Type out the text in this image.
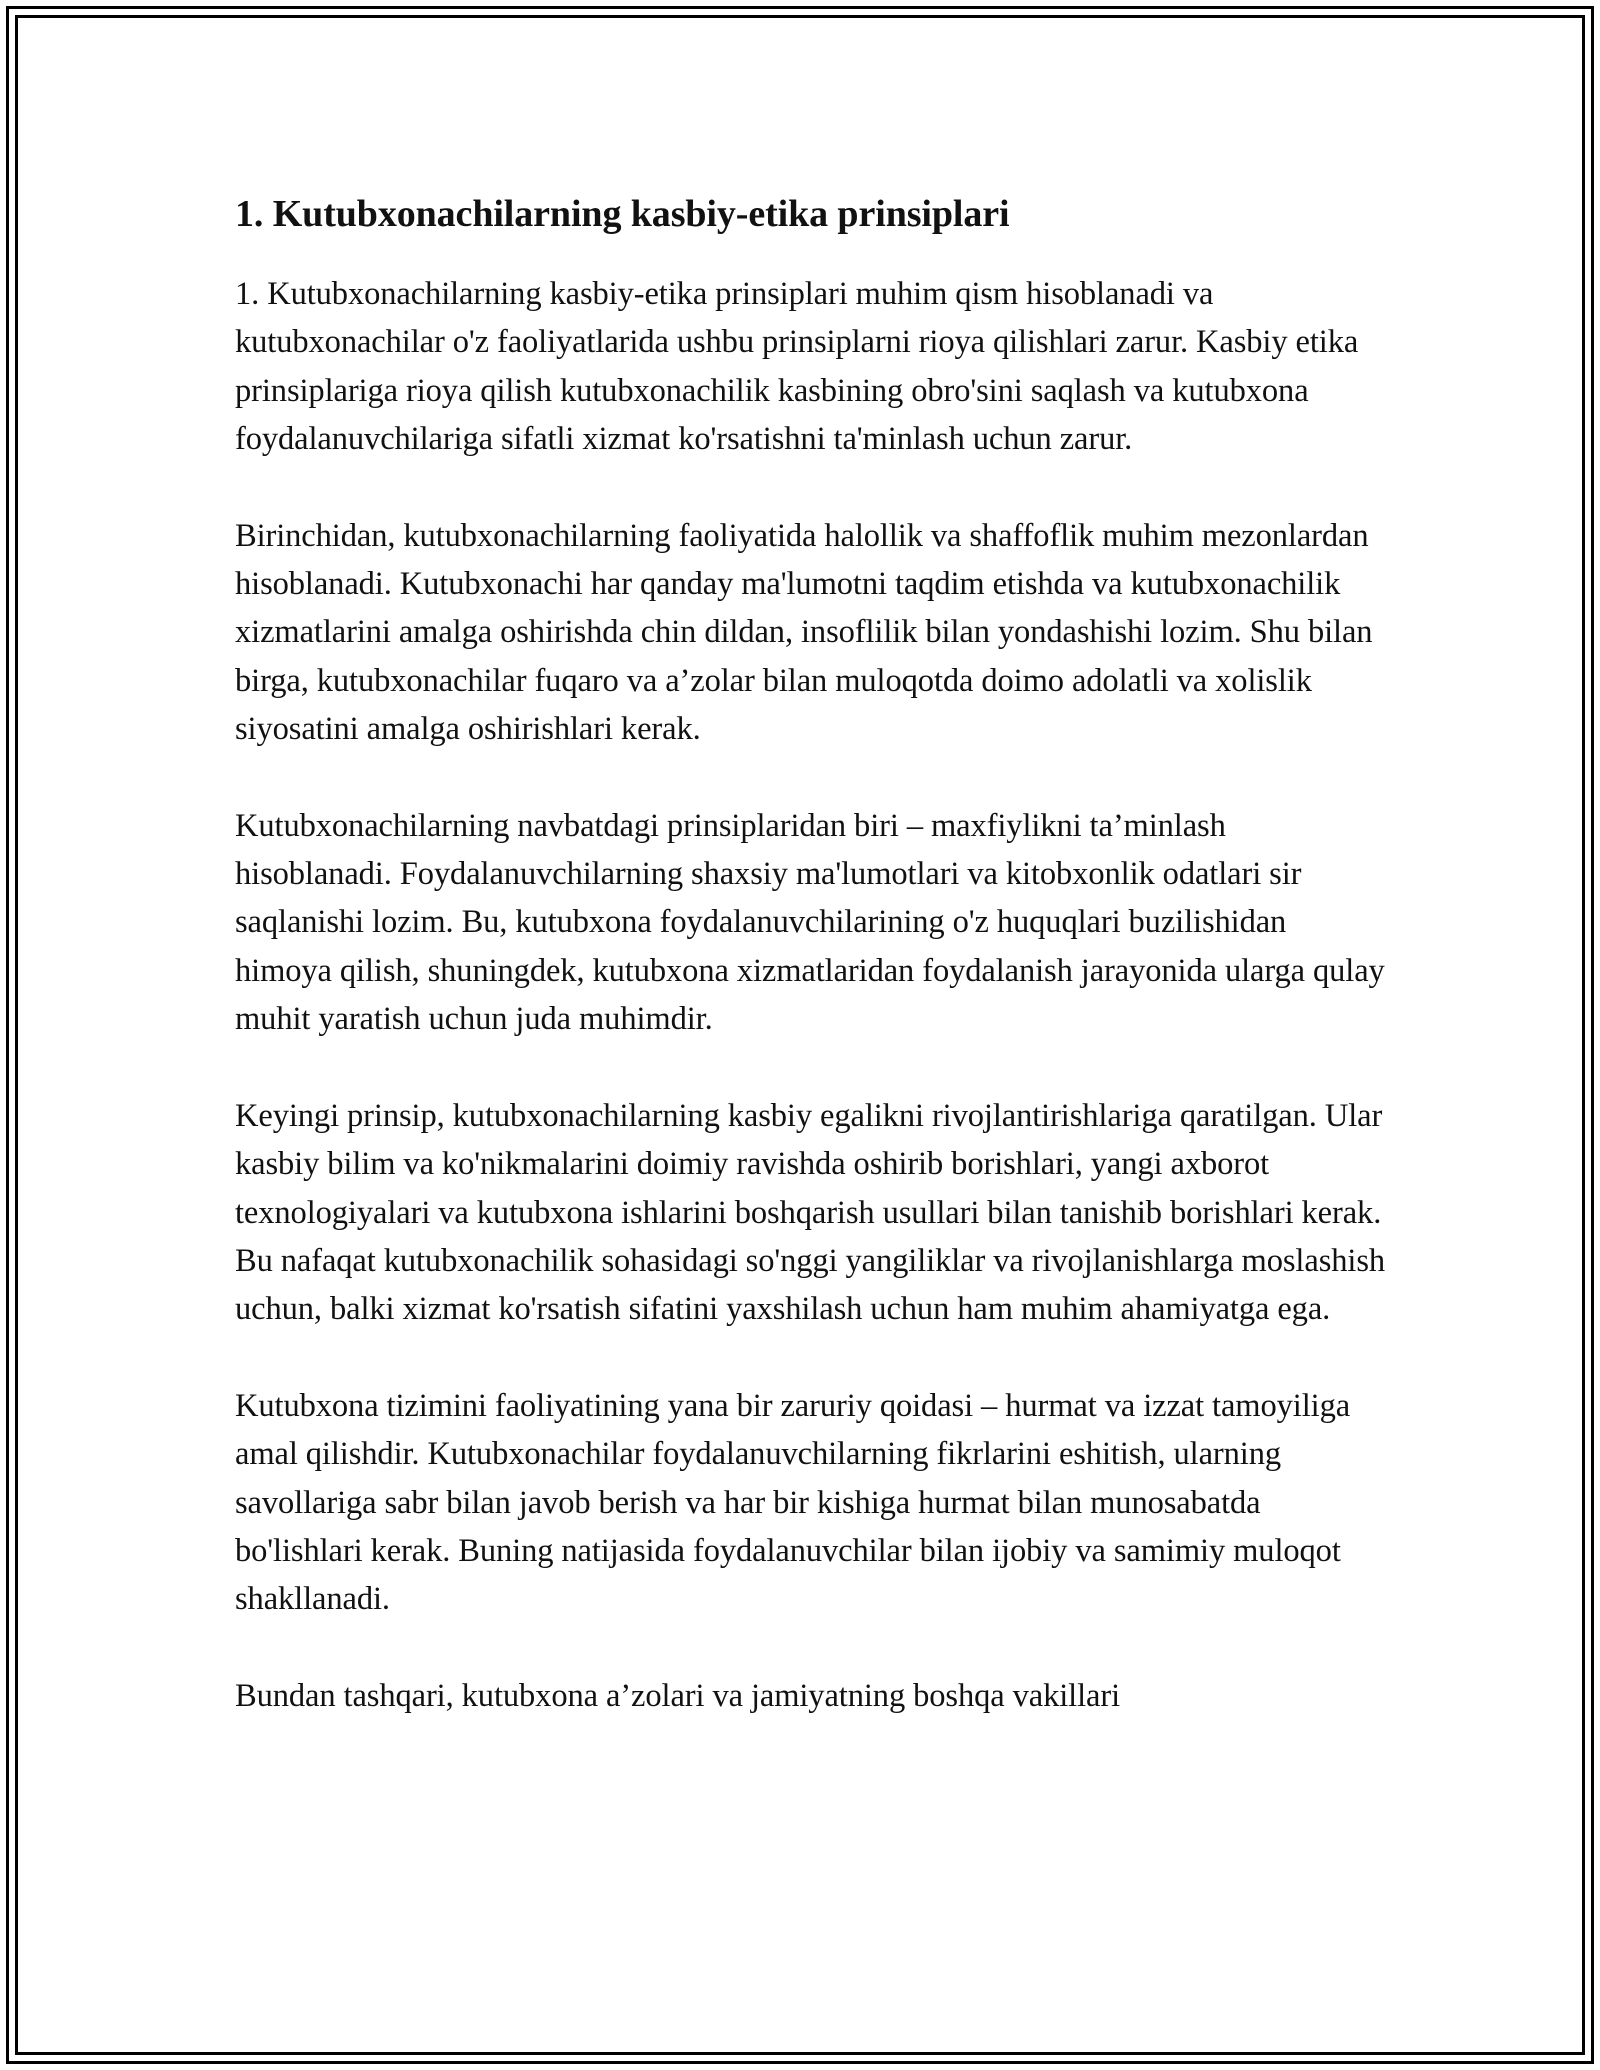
1. Kutubxonachilarning kasbiy-etika prinsiplari

1. Kutubxonachilarning kasbiy-etika prinsiplari muhim qism hisoblanadi va kutubxonachilar o'z faoliyatlarida ushbu prinsiplarni rioya qilishlari zarur. Kasbiy etika prinsiplariga rioya qilish kutubxonachilik kasbining obro'sini saqlash va kutubxona foydalanuvchilariga sifatli xizmat ko'rsatishni ta'minlash uchun zarur.

Birinchidan, kutubxonachilarning faoliyatida halollik va shaffoflik muhim mezonlardan hisoblanadi. Kutubxonachi har qanday ma'lumotni taqdim etishda va kutubxonachilik xizmatlarini amalga oshirishda chin dildan, insoflilik bilan yondashishi lozim. Shu bilan birga, kutubxonachilar fuqaro va a’zolar bilan muloqotda doimo adolatli va xolislik siyosatini amalga oshirishlari kerak.

Kutubxonachilarning navbatdagi prinsiplaridan biri – maxfiylikni ta’minlash hisoblanadi. Foydalanuvchilarning shaxsiy ma'lumotlari va kitobxonlik odatlari sir saqlanishi lozim. Bu, kutubxona foydalanuvchilarining o'z huquqlari buzilishidan himoya qilish, shuningdek, kutubxona xizmatlaridan foydalanish jarayonida ularga qulay muhit yaratish uchun juda muhimdir.

Keyingi prinsip, kutubxonachilarning kasbiy egalikni rivojlantirishlariga qaratilgan. Ular kasbiy bilim va ko'nikmalarini doimiy ravishda oshirib borishlari, yangi axborot texnologiyalari va kutubxona ishlarini boshqarish usullari bilan tanishib borishlari kerak. Bu nafaqat kutubxonachilik sohasidagi so'nggi yangiliklar va rivojlanishlarga moslashish uchun, balki xizmat ko'rsatish sifatini yaxshilash uchun ham muhim ahamiyatga ega.

Kutubxona tizimini faoliyatining yana bir zaruriy qoidasi – hurmat va izzat tamoyiliga amal qilishdir. Kutubxonachilar foydalanuvchilarning fikrlarini eshitish, ularning savollariga sabr bilan javob berish va har bir kishiga hurmat bilan munosabatda bo'lishlari kerak. Buning natijasida foydalanuvchilar bilan ijobiy va samimiy muloqot shakllanadi.

Bundan tashqari, kutubxona a’zolari va jamiyatning boshqa vakillari
